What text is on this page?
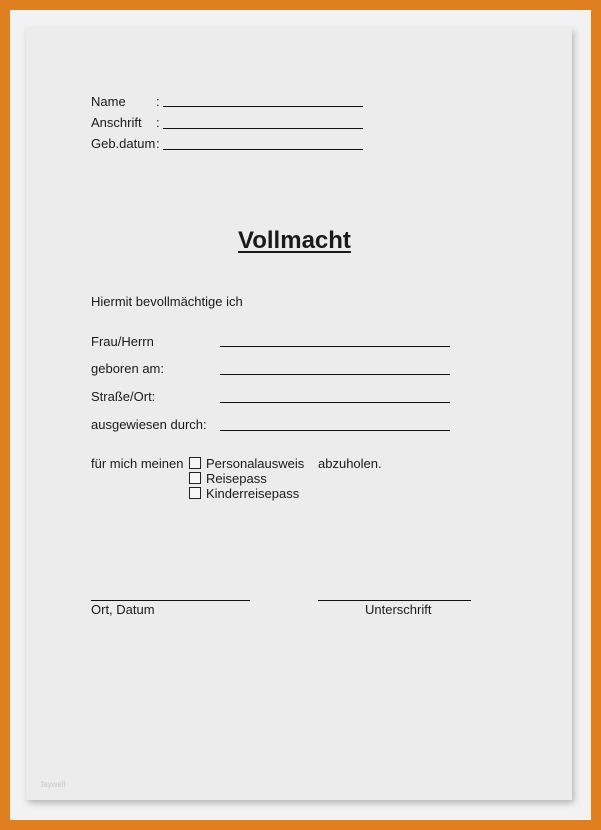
Name :
Anschrift :
Geb.datum :
Vollmacht
Hiermit bevollmächtige ich
Frau/Herrn
geboren am:
Straße/Ort:
ausgewiesen durch:
für mich meinen Personalausweis abzuholen.
Reisepass
Kinderreisepass
Ort, Datum	Unterschrift
faywell
